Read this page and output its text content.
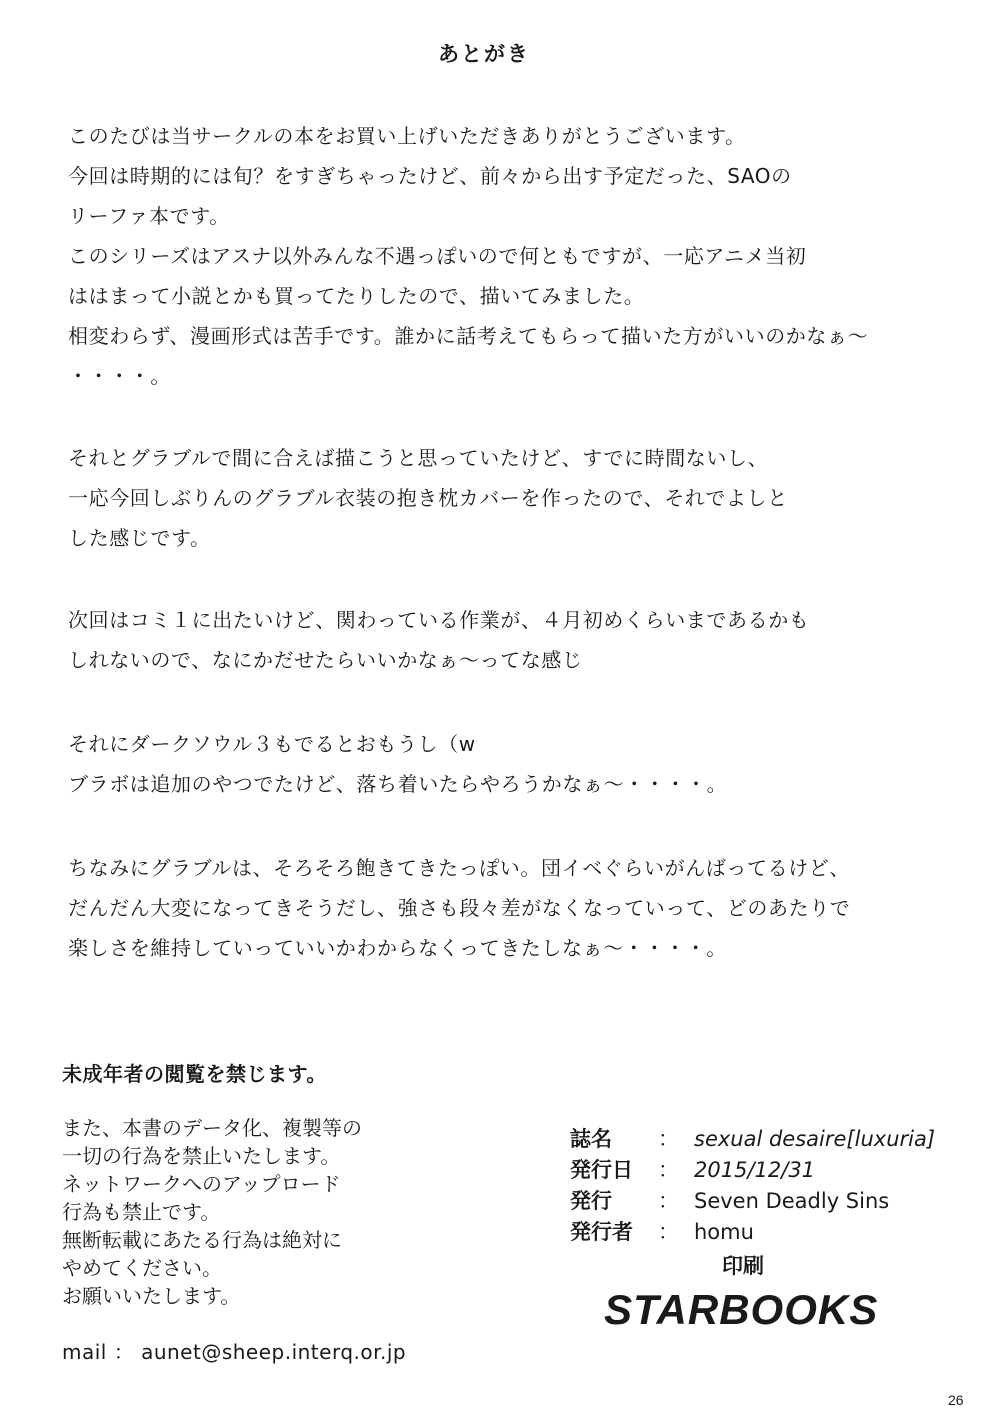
あとがき
このたびは当サークルの本をお買い上げいただきありがとうございます。
今回は時期的には旬？をすぎちゃったけど、前々から出す予定だった、SAOの
リーファ本です。
このシリーズはアスナ以外みんな不遇っぽいので何ともですが、一応アニメ当初
ははまって小説とかも買ってたりしたので、描いてみました。
相変わらず、漫画形式は苦手です。誰かに話考えてもらって描いた方がいいのかなぁ～
・・・・。
それとグラブルで間に合えば描こうと思っていたけど、すでに時間ないし、
一応今回しぶりんのグラブル衣装の抱き枕カバーを作ったので、それでよしと
した感じです。
次回はコミ１に出たいけど、関わっている作業が、４月初めくらいまであるかも
しれないので、なにかだせたらいいかなぁ～ってな感じ
それにダークソウル３もでるとおもうし（w
ブラボは追加のやつでたけど、落ち着いたらやろうかなぁ～・・・・。
ちなみにグラブルは、そろそろ飽きてきたっぽい。団イベぐらいがんばってるけど、
だんだん大変になってきそうだし、強さも段々差がなくなっていって、どのあたりで
楽しさを維持していっていいかわからなくってきたしなぁ～・・・・。
未成年者の閲覧を禁じます。
また、本書のデータ化、複製等の
一切の行為を禁止いたします。
ネットワークへのアップロード
行為も禁止です。
無断転載にあたる行為は絶対に
やめてください。
お願いいたします。
mail ： aunet@sheep.interq.or.jp
誌名 ： sexual desaire[luxuria]
発行日 ： 2015/12/31
発行 ： Seven Deadly Sins
発行者 ： homu
印刷
STARBOOKS
26
